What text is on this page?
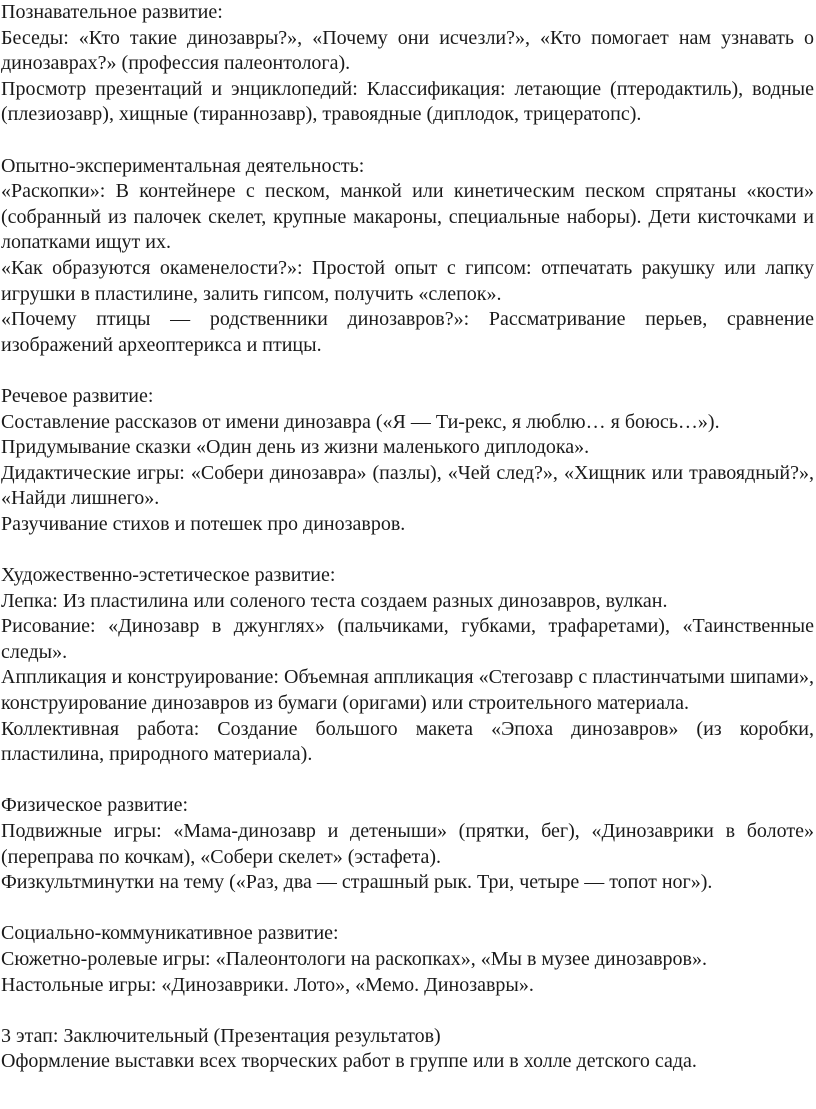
Познавательное развитие:

Беседы: «Кто такие динозавры?», «Почему они исчезли?», «Кто помогает нам узнавать о динозаврах?» (профессия палеонтолога).

Просмотр презентаций и энциклопедий: Классификация: летающие (птеродактиль), водные (плезиозавр), хищные (тираннозавр), травоядные (диплодок, трицератопс).

Опытно-экспериментальная деятельность:

«Раскопки»: В контейнере с песком, манкой или кинетическим песком спрятаны «кости» (собранный из палочек скелет, крупные макароны, специальные наборы). Дети кисточками и лопатками ищут их.

«Как образуются окаменелости?»: Простой опыт с гипсом: отпечатать ракушку или лапку игрушки в пластилине, залить гипсом, получить «слепок».

«Почему птицы — родственники динозавров?»: Рассматривание перьев, сравнение изображений археоптерикса и птицы.

Речевое развитие:

Составление рассказов от имени динозавра («Я — Ти-рекс, я люблю… я боюсь…»).

Придумывание сказки «Один день из жизни маленького диплодока».

Дидактические игры: «Собери динозавра» (пазлы), «Чей след?», «Хищник или травоядный?», «Найди лишнего».

Разучивание стихов и потешек про динозавров.

Художественно-эстетическое развитие:

Лепка: Из пластилина или соленого теста создаем разных динозавров, вулкан.

Рисование: «Динозавр в джунглях» (пальчиками, губками, трафаретами), «Таинственные следы».

Аппликация и конструирование: Объемная аппликация «Стегозавр с пластинчатыми шипами», конструирование динозавров из бумаги (оригами) или строительного материала.

Коллективная работа: Создание большого макета «Эпоха динозавров» (из коробки, пластилина, природного материала).

Физическое развитие:

Подвижные игры: «Мама-динозавр и детеныши» (прятки, бег), «Динозаврики в болоте» (переправа по кочкам), «Собери скелет» (эстафета).

Физкультминутки на тему («Раз, два — страшный рык. Три, четыре — топот ног»).

Социально-коммуникативное развитие:

Сюжетно-ролевые игры: «Палеонтологи на раскопках», «Мы в музее динозавров».

Настольные игры: «Динозаврики. Лото», «Мемо. Динозавры».

3 этап: Заключительный (Презентация результатов)

Оформление выставки всех творческих работ в группе или в холле детского сада.
